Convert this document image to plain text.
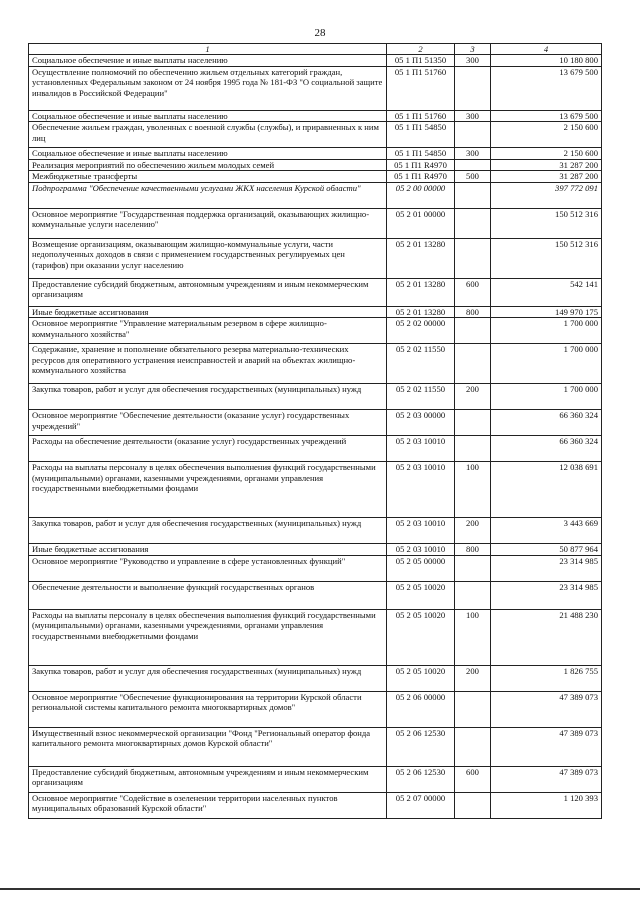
28
1	2	3	4
Социальное обеспечение и иные выплаты населению	05 1 П1 51350	300	10 180 800
Осуществление полномочий по обеспечению жильем отдельных категорий граждан, установленных Федеральным законом от 24 ноября 1995 года № 181-ФЗ "О социальной защите инвалидов в Российской Федерации"	05 1 П1 51760		13 679 500
Социальное обеспечение и иные выплаты населению	05 1 П1 51760	300	13 679 500
Обеспечение жильем граждан, уволенных с военной службы (службы), и приравненных к ним лиц	05 1 П1 54850		2 150 600
Социальное обеспечение и иные выплаты населению	05 1 П1 54850	300	2 150 600
Реализация мероприятий по обеспечению жильем молодых семей	05 1 П1 R4970		31 287 200
Межбюджетные трансферты	05 1 П1 R4970	500	31 287 200
Подпрограмма "Обеспечение качественными услугами ЖКХ населения Курской области"	05 2 00 00000		397 772 091
Основное мероприятие "Государственная поддержка организаций, оказывающих жилищно-коммунальные услуги населению"	05 2 01 00000		150 512 316
Возмещение организациям, оказывающим жилищно-коммунальные услуги, части недополученных доходов в связи с применением государственных регулируемых цен (тарифов) при оказании услуг населению	05 2 01 13280		150 512 316
Предоставление субсидий бюджетным, автономным учреждениям и иным некоммерческим организациям	05 2 01 13280	600	542 141
Иные бюджетные ассигнования	05 2 01 13280	800	149 970 175
Основное мероприятие "Управление материальным резервом в сфере жилищно-коммунального хозяйства"	05 2 02 00000		1 700 000
Содержание, хранение и пополнение обязательного резерва материально-технических ресурсов для оперативного устранения неисправностей и аварий на объектах жилищно-коммунального хозяйства	05 2 02 11550		1 700 000
Закупка товаров, работ и услуг для обеспечения государственных (муниципальных) нужд	05 2 02 11550	200	1 700 000
Основное мероприятие "Обеспечение деятельности (оказание услуг) государственных учреждений"	05 2 03 00000		66 360 324
Расходы на обеспечение деятельности (оказание услуг) государственных учреждений	05 2 03 10010		66 360 324
Расходы на выплаты персоналу в целях обеспечения выполнения функций государственными (муниципальными) органами, казенными учреждениями, органами управления государственными внебюджетными фондами	05 2 03 10010	100	12 038 691
Закупка товаров, работ и услуг для обеспечения государственных (муниципальных) нужд	05 2 03 10010	200	3 443 669
Иные бюджетные ассигнования	05 2 03 10010	800	50 877 964
Основное мероприятие "Руководство и управление в сфере установленных функций"	05 2 05 00000		23 314 985
Обеспечение деятельности и выполнение функций государственных органов	05 2 05 10020		23 314 985
Расходы на выплаты персоналу в целях обеспечения выполнения функций государственными (муниципальными) органами, казенными учреждениями, органами управления государственными внебюджетными фондами	05 2 05 10020	100	21 488 230
Закупка товаров, работ и услуг для обеспечения государственных (муниципальных) нужд	05 2 05 10020	200	1 826 755
Основное мероприятие "Обеспечение функционирования на территории Курской области региональной системы капитального ремонта многоквартирных домов"	05 2 06 00000		47 389 073
Имущественный взнос некоммерческой организации "Фонд "Региональный оператор фонда капитального ремонта многоквартирных домов Курской области"	05 2 06 12530		47 389 073
Предоставление субсидий бюджетным, автономным учреждениям и иным некоммерческим организациям	05 2 06 12530	600	47 389 073
Основное мероприятие "Содействие в озеленении территории населенных пунктов муниципальных образований Курской области"	05 2 07 00000		1 120 393
